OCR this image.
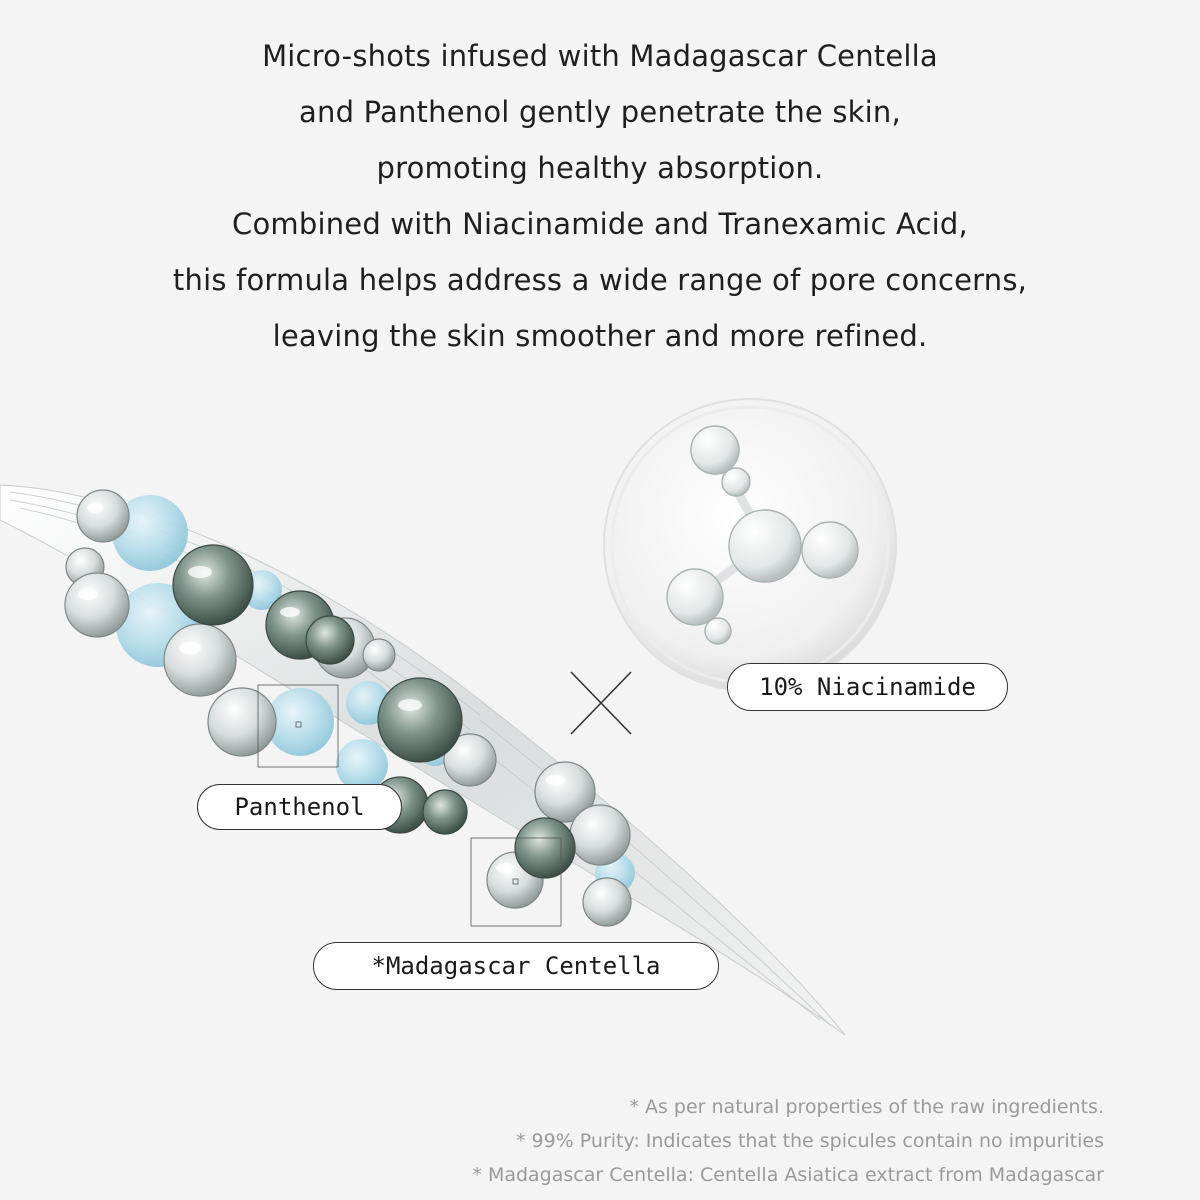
Micro-shots infused with Madagascar Centella
and Panthenol gently penetrate the skin,
promoting healthy absorption.
Combined with Niacinamide and Tranexamic Acid,
this formula helps address a wide range of pore concerns,
leaving the skin smoother and more refined.
10% Niacinamide
Panthenol
*Madagascar Centella
* As per natural properties of the raw ingredients.
* 99% Purity: Indicates that the spicules contain no impurities
* Madagascar Centella: Centella Asiatica extract from Madagascar
